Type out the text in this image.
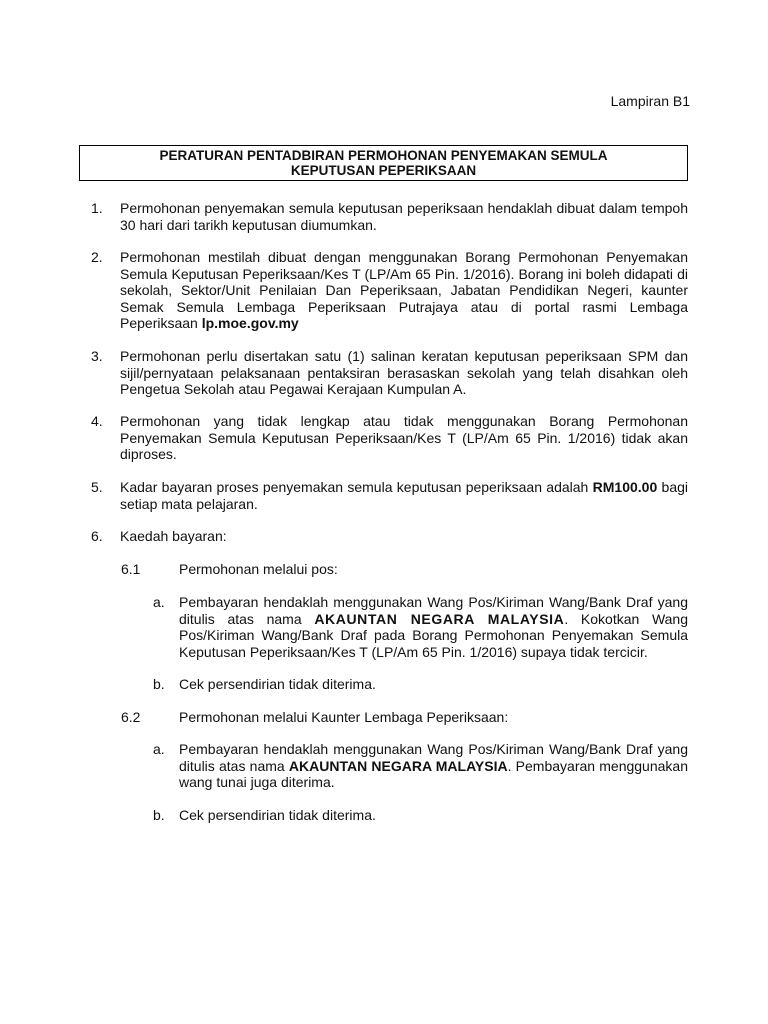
Lampiran B1
PERATURAN PENTADBIRAN PERMOHONAN PENYEMAKAN SEMULA
KEPUTUSAN PEPERIKSAAN
1.	Permohonan penyemakan semula keputusan peperiksaan hendaklah dibuat dalam tempoh 30 hari dari tarikh keputusan diumumkan.
2.	Permohonan mestilah dibuat dengan menggunakan Borang Permohonan Penyemakan Semula Keputusan Peperiksaan/Kes T (LP/Am 65 Pin. 1/2016). Borang ini boleh didapati di sekolah, Sektor/Unit Penilaian Dan Peperiksaan, Jabatan Pendidikan Negeri, kaunter Semak Semula Lembaga Peperiksaan Putrajaya atau di portal rasmi Lembaga Peperiksaan lp.moe.gov.my
3.	Permohonan perlu disertakan satu (1) salinan keratan keputusan peperiksaan SPM dan sijil/pernyataan pelaksanaan pentaksiran berasaskan sekolah yang telah disahkan oleh Pengetua Sekolah atau Pegawai Kerajaan Kumpulan A.
4.	Permohonan yang tidak lengkap atau tidak menggunakan Borang Permohonan Penyemakan Semula Keputusan Peperiksaan/Kes T (LP/Am 65 Pin. 1/2016) tidak akan diproses.
5.	Kadar bayaran proses penyemakan semula keputusan peperiksaan adalah RM100.00 bagi setiap mata pelajaran.
6.	Kaedah bayaran:
6.1	Permohonan melalui pos:
a. Pembayaran hendaklah menggunakan Wang Pos/Kiriman Wang/Bank Draf yang ditulis atas nama AKAUNTAN NEGARA MALAYSIA. Kokotkan Wang Pos/Kiriman Wang/Bank Draf pada Borang Permohonan Penyemakan Semula Keputusan Peperiksaan/Kes T (LP/Am 65 Pin. 1/2016) supaya tidak tercicir.
b. Cek persendirian tidak diterima.
6.2	Permohonan melalui Kaunter Lembaga Peperiksaan:
a. Pembayaran hendaklah menggunakan Wang Pos/Kiriman Wang/Bank Draf yang ditulis atas nama AKAUNTAN NEGARA MALAYSIA. Pembayaran menggunakan wang tunai juga diterima.
b. Cek persendirian tidak diterima.
